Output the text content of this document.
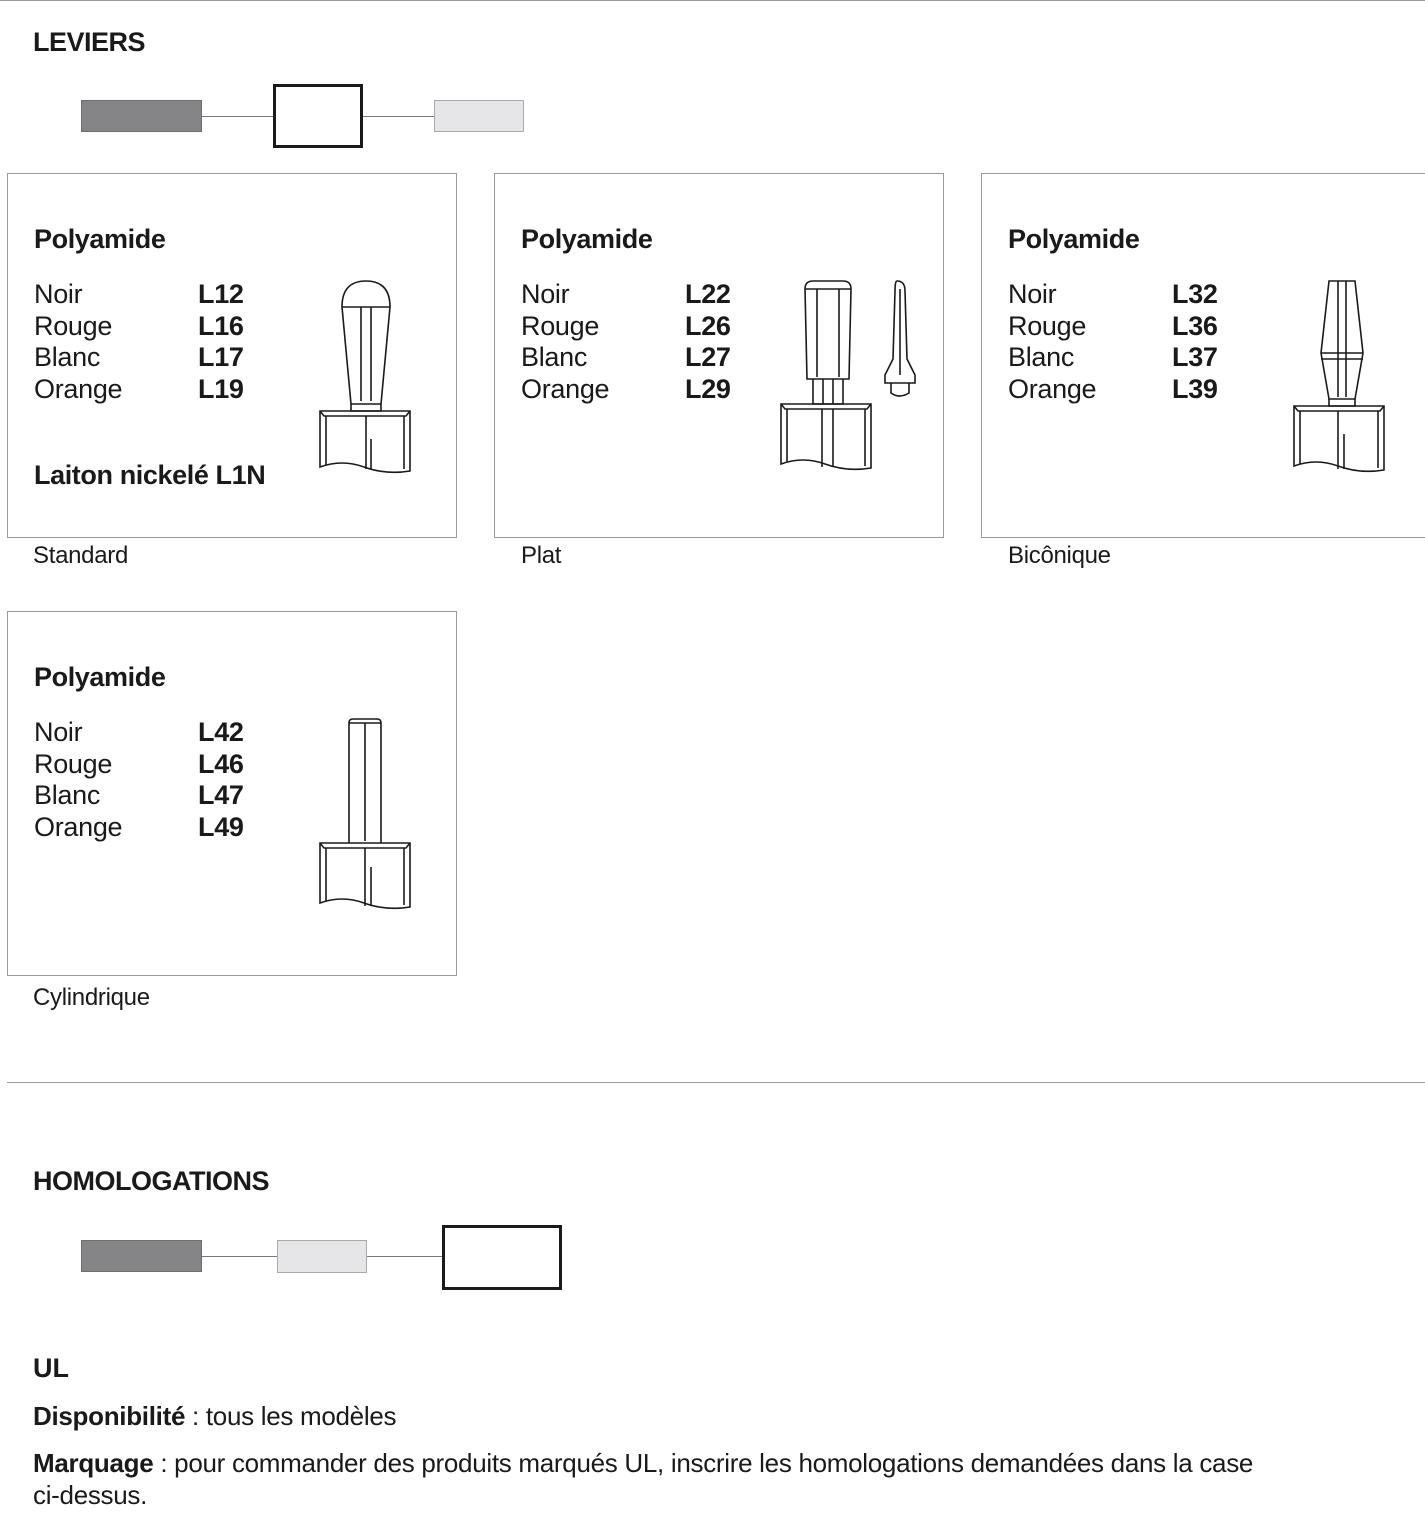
LEVIERS
Polyamide
Noir	L12
Rouge	L16
Blanc	L17
Orange	L19
Laiton nickelé L1N
Standard
Polyamide
Noir	L22
Rouge	L26
Blanc	L27
Orange	L29
Plat
Polyamide
Noir	L32
Rouge	L36
Blanc	L37
Orange	L39
Bicônique
Polyamide
Noir	L42
Rouge	L46
Blanc	L47
Orange	L49
Cylindrique
HOMOLOGATIONS
UL
Disponibilité : tous les modèles
Marquage : pour commander des produits marqués UL, inscrire les homologations demandées dans la case
ci-dessus.
